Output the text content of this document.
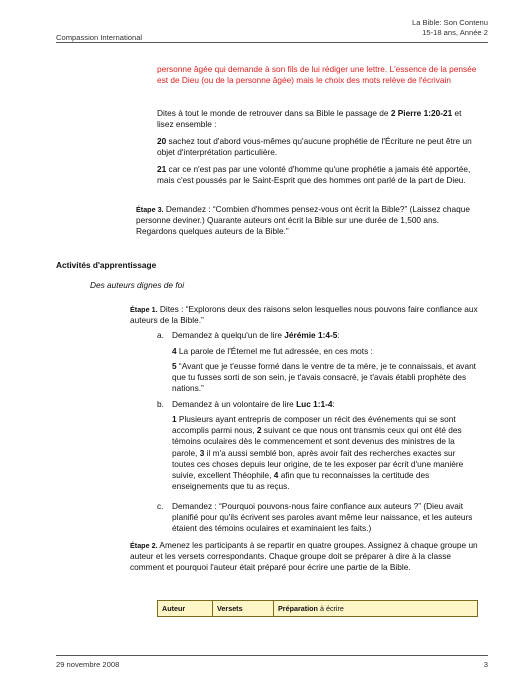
Compassion International
La Bible: Son Contenu
15-18 ans, Année 2

personne âgée qui demande à son fils de lui rédiger une lettre. L'essence de la pensée est de Dieu (ou de la personne âgée) mais le choix des mots relève de l'écrivain

Dites à tout le monde de retrouver dans sa Bible le passage de 2 Pierre 1:20-21 et lisez ensemble :

20 sachez tout d'abord vous-mêmes qu'aucune prophétie de l'Écriture ne peut être un objet d'interprétation particulière.

21 car ce n'est pas par une volonté d'homme qu'une prophétie a jamais été apportée, mais c'est poussés par le Saint-Esprit que des hommes ont parlé de la part de Dieu.

Étape 3. Demandez : “Combien d'hommes pensez-vous ont écrit la Bible?” (Laissez chaque personne deviner.) Quarante auteurs ont écrit la Bible sur une durée de 1,500 ans. Regardons quelques auteurs de la Bible.”

Activités d'apprentissage

Des auteurs dignes de foi

Étape 1. Dites : “Explorons deux des raisons selon lesquelles nous pouvons faire confiance aux auteurs de la Bible.”

a. Demandez à quelqu'un de lire Jérémie 1:4-5:

4 La parole de l'Éternel me fut adressée, en ces mots :

5 “Avant que je t'eusse formé dans le ventre de ta mère, je te connaissais, et avant que tu fusses sorti de son sein, je t'avais consacré, je t'avais établi prophète des nations.”

b. Demandez à un volontaire de lire Luc 1:1-4:

1 Plusieurs ayant entrepris de composer un récit des événements qui se sont accomplis parmi nous, 2 suivant ce que nous ont transmis ceux qui ont été des témoins oculaires dès le commencement et sont devenus des ministres de la parole, 3 il m'a aussi semblé bon, après avoir fait des recherches exactes sur toutes ces choses depuis leur origine, de te les exposer par écrit d'une manière suivie, excellent Théophile, 4 afin que tu reconnaisses la certitude des enseignements que tu as reçus.

c.	Demandez : “Pourquoi pouvons-nous faire confiance aux auteurs ?” (Dieu avait planifié pour qu'ils écrivent ses paroles avant même leur naissance, et les auteurs étaient des témoins oculaires et examinaient les faits.)

Étape 2. Amenez les participants à se repartir en quatre groupes. Assignez à chaque groupe un auteur et les versets correspondants. Chaque groupe doit se préparer à dire à la classe comment et pourquoi l'auteur était préparé pour écrire une partie de la Bible.

Auteur	Versets	Préparation à écrire
29 novembre 2008	3
